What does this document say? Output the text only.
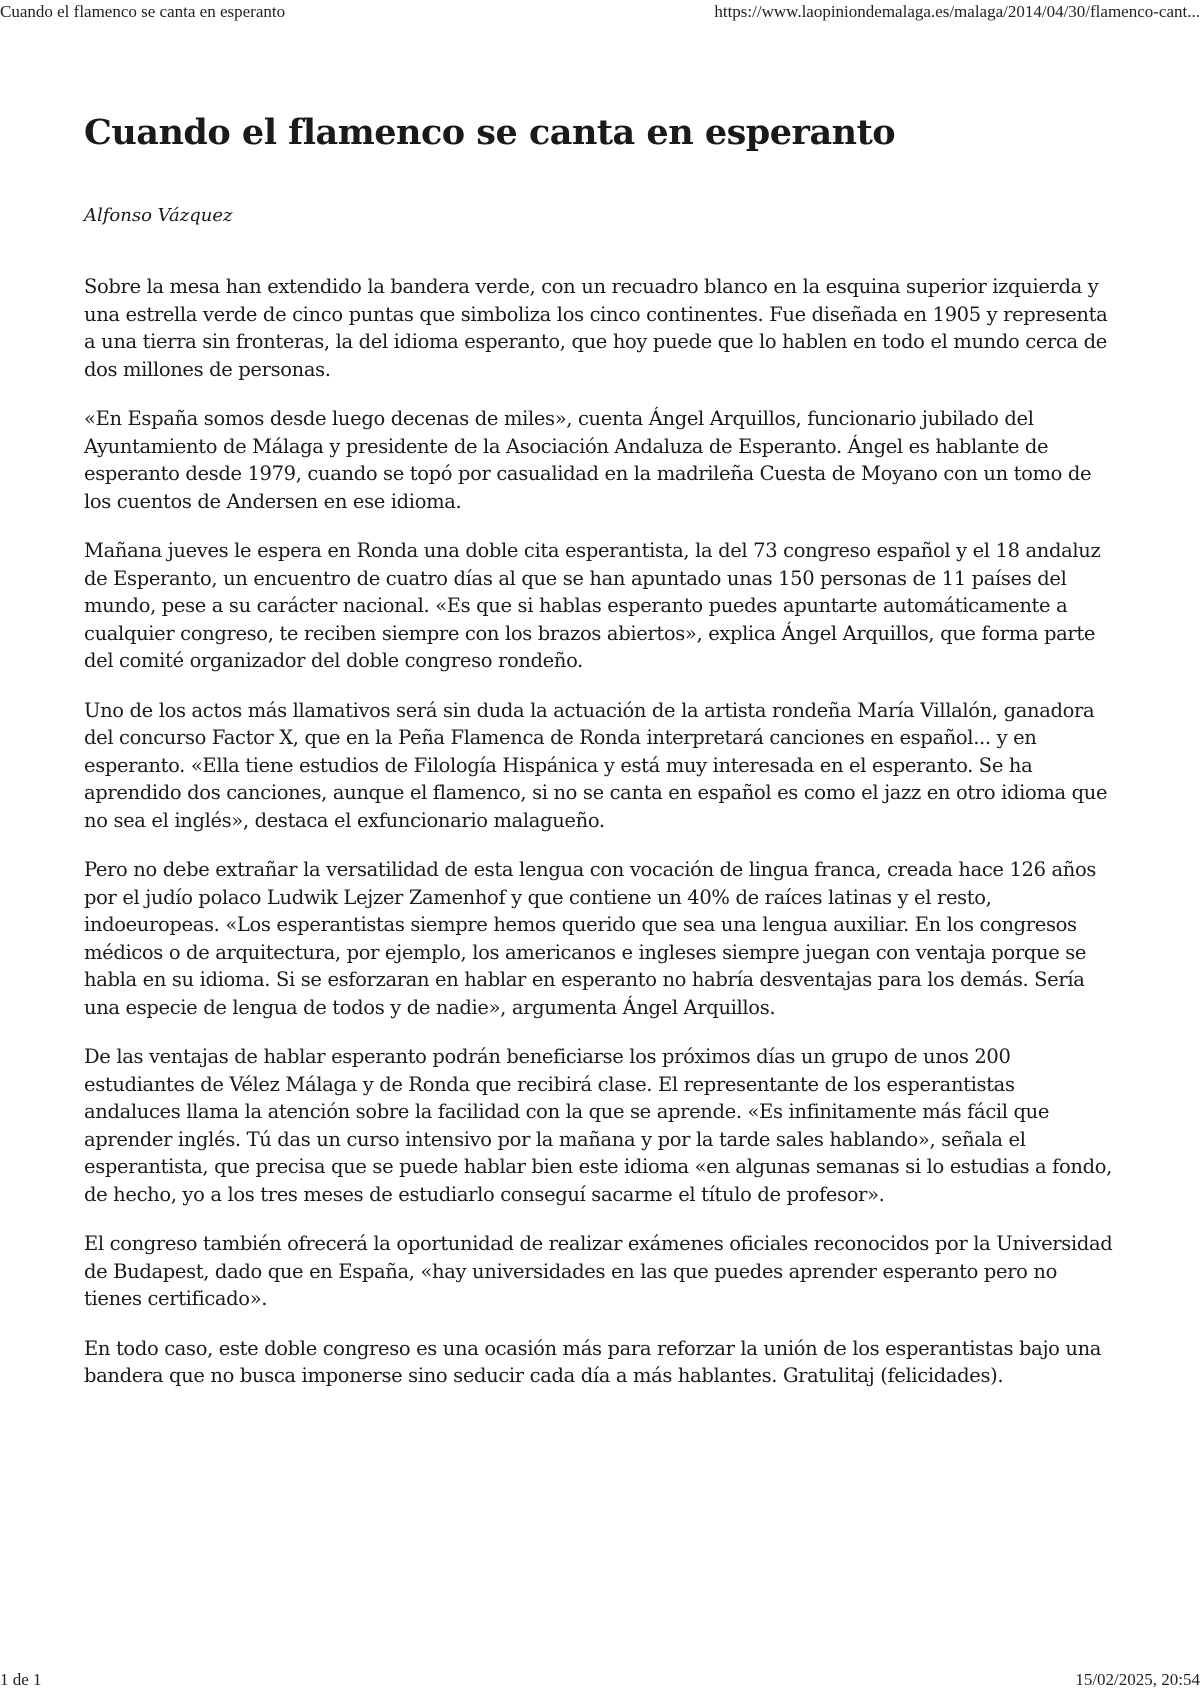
Cuando el flamenco se canta en esperanto	https://www.laopiniondemalaga.es/malaga/2014/04/30/flamenco-cant...
Cuando el flamenco se canta en esperanto

Alfonso Vázquez

Sobre la mesa han extendido la bandera verde, con un recuadro blanco en la esquina superior izquierda y una estrella verde de cinco puntas que simboliza los cinco continentes. Fue diseñada en 1905 y representa a una tierra sin fronteras, la del idioma esperanto, que hoy puede que lo hablen en todo el mundo cerca de dos millones de personas.

«En España somos desde luego decenas de miles», cuenta Ángel Arquillos, funcionario jubilado del Ayuntamiento de Málaga y presidente de la Asociación Andaluza de Esperanto. Ángel es hablante de esperanto desde 1979, cuando se topó por casualidad en la madrileña Cuesta de Moyano con un tomo de los cuentos de Andersen en ese idioma.

Mañana jueves le espera en Ronda una doble cita esperantista, la del 73 congreso español y el 18 andaluz de Esperanto, un encuentro de cuatro días al que se han apuntado unas 150 personas de 11 países del mundo, pese a su carácter nacional. «Es que si hablas esperanto puedes apuntarte automáticamente a cualquier congreso, te reciben siempre con los brazos abiertos», explica Ángel Arquillos, que forma parte del comité organizador del doble congreso rondeño.

Uno de los actos más llamativos será sin duda la actuación de la artista rondeña María Villalón, ganadora del concurso Factor X, que en la Peña Flamenca de Ronda interpretará canciones en español... y en esperanto. «Ella tiene estudios de Filología Hispánica y está muy interesada en el esperanto. Se ha aprendido dos canciones, aunque el flamenco, si no se canta en español es como el jazz en otro idioma que no sea el inglés», destaca el exfuncionario malagueño.

Pero no debe extrañar la versatilidad de esta lengua con vocación de lingua franca, creada hace 126 años por el judío polaco Ludwik Lejzer Zamenhof y que contiene un 40% de raíces latinas y el resto, indoeuropeas. «Los esperantistas siempre hemos querido que sea una lengua auxiliar. En los congresos médicos o de arquitectura, por ejemplo, los americanos e ingleses siempre juegan con ventaja porque se habla en su idioma. Si se esforzaran en hablar en esperanto no habría desventajas para los demás. Sería una especie de lengua de todos y de nadie», argumenta Ángel Arquillos.

De las ventajas de hablar esperanto podrán beneficiarse los próximos días un grupo de unos 200 estudiantes de Vélez Málaga y de Ronda que recibirá clase. El representante de los esperantistas andaluces llama la atención sobre la facilidad con la que se aprende. «Es infinitamente más fácil que aprender inglés. Tú das un curso intensivo por la mañana y por la tarde sales hablando», señala el esperantista, que precisa que se puede hablar bien este idioma «en algunas semanas si lo estudias a fondo, de hecho, yo a los tres meses de estudiarlo conseguí sacarme el título de profesor».

El congreso también ofrecerá la oportunidad de realizar exámenes oficiales reconocidos por la Universidad de Budapest, dado que en España, «hay universidades en las que puedes aprender esperanto pero no tienes certificado».

En todo caso, este doble congreso es una ocasión más para reforzar la unión de los esperantistas bajo una bandera que no busca imponerse sino seducir cada día a más hablantes. Gratulitaj (felicidades).

1 de 1	15/02/2025, 20:54
